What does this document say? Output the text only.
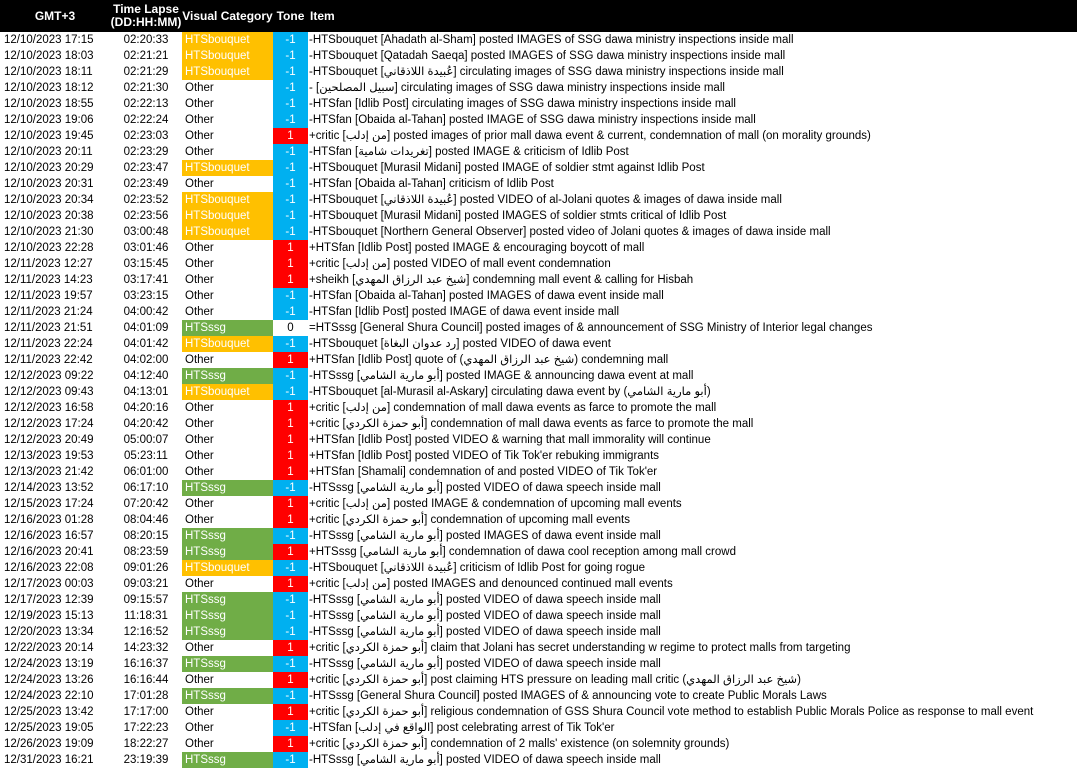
GMT+3	Time Lapse
(DD:HH:MM)	Visual Category	Tone	Item
12/10/2023 17:15	02:20:33	HTSbouquet	-1	-HTSbouquet [Ahadath al-Sham] posted IMAGES of SSG dawa ministry inspections inside mall
12/10/2023 18:03	02:21:21	HTSbouquet	-1	-HTSbouquet [Qatadah Saeqa] posted IMAGES of SSG dawa ministry inspections inside mall
12/10/2023 18:11	02:21:29	HTSbouquet	-1	-HTSbouquet [عُبيدة اللاذقاني] circulating images of SSG dawa ministry inspections inside mall
12/10/2023 18:12	02:21:30	Other	-1	- [سبيل المصلحين] circulating images of SSG dawa ministry inspections inside mall
12/10/2023 18:55	02:22:13	Other	-1	-HTSfan [Idlib Post] circulating images of SSG dawa ministry inspections inside mall
12/10/2023 19:06	02:22:24	Other	-1	-HTSfan [Obaida al-Tahan] posted IMAGE of SSG dawa ministry inspections inside mall
12/10/2023 19:45	02:23:03	Other	1	+critic [من إدلب] posted images of prior mall dawa event & current, condemnation of mall (on morality grounds)
12/10/2023 20:11	02:23:29	Other	-1	-HTSfan [تغريدات شامية] posted IMAGE & criticism of Idlib Post
12/10/2023 20:29	02:23:47	HTSbouquet	-1	-HTSbouquet [Murasil Midani] posted IMAGE of soldier stmt against Idlib Post
12/10/2023 20:31	02:23:49	Other	-1	-HTSfan [Obaida al-Tahan] criticism of Idlib Post
12/10/2023 20:34	02:23:52	HTSbouquet	-1	-HTSbouquet [عُبيدة اللاذقاني] posted VIDEO of al-Jolani quotes & images of dawa inside mall
12/10/2023 20:38	02:23:56	HTSbouquet	-1	-HTSbouquet [Murasil Midani] posted IMAGES of soldier stmts critical of Idlib Post
12/10/2023 21:30	03:00:48	HTSbouquet	-1	-HTSbouquet [Northern General Observer] posted video of Jolani quotes & images of dawa inside mall
12/10/2023 22:28	03:01:46	Other	1	+HTSfan [Idlib Post] posted IMAGE & encouraging boycott of mall
12/11/2023 12:27	03:15:45	Other	1	+critic [من إدلب] posted VIDEO of mall event condemnation
12/11/2023 14:23	03:17:41	Other	1	+sheikh [شيخ عبد الرزاق المهدي] condemning mall event & calling for Hisbah
12/11/2023 19:57	03:23:15	Other	-1	-HTSfan [Obaida al-Tahan] posted IMAGES of dawa event inside mall
12/11/2023 21:24	04:00:42	Other	-1	-HTSfan [Idlib Post] posted IMAGE of dawa event inside mall
12/11/2023 21:51	04:01:09	HTSssg	0	=HTSssg [General Shura Council] posted images of & announcement of SSG Ministry of Interior legal changes
12/11/2023 22:24	04:01:42	HTSbouquet	-1	-HTSbouquet [رد عدوان البغاة] posted VIDEO of dawa event
12/11/2023 22:42	04:02:00	Other	1	+HTSfan [Idlib Post] quote of (شيخ عبد الرزاق المهدي) condemning mall
12/12/2023 09:22	04:12:40	HTSssg	-1	-HTSssg [أبو مارية الشامي] posted IMAGE & announcing dawa event at mall
12/12/2023 09:43	04:13:01	HTSbouquet	-1	-HTSbouquet [al-Murasil al-Askary] circulating dawa event by (أبو مارية الشامي)
12/12/2023 16:58	04:20:16	Other	1	+critic [من إدلب] condemnation of mall dawa events as farce to promote the mall
12/12/2023 17:24	04:20:42	Other	1	+critic [أبو حمزة الكردي] condemnation of mall dawa events as farce to promote the mall
12/12/2023 20:49	05:00:07	Other	1	+HTSfan [Idlib Post] posted VIDEO & warning that mall immorality will continue
12/13/2023 19:53	05:23:11	Other	1	+HTSfan [Idlib Post] posted VIDEO of Tik Tok'er rebuking immigrants
12/13/2023 21:42	06:01:00	Other	1	+HTSfan [Shamali] condemnation of and posted VIDEO of Tik Tok'er
12/14/2023 13:52	06:17:10	HTSssg	-1	-HTSssg [أبو مارية الشامي] posted VIDEO of dawa speech inside mall
12/15/2023 17:24	07:20:42	Other	1	+critic [من إدلب] posted IMAGE & condemnation of upcoming mall events
12/16/2023 01:28	08:04:46	Other	1	+critic [أبو حمزة الكردي] condemnation of upcoming mall events
12/16/2023 16:57	08:20:15	HTSssg	-1	-HTSssg [أبو مارية الشامي] posted IMAGES of dawa event inside mall
12/16/2023 20:41	08:23:59	HTSssg	1	+HTSssg [أبو مارية الشامي] condemnation of dawa cool reception among mall crowd
12/16/2023 22:08	09:01:26	HTSbouquet	-1	-HTSbouquet [عُبيدة اللاذقاني] criticism of Idlib Post for going rogue
12/17/2023 00:03	09:03:21	Other	1	+critic [من إدلب] posted IMAGES and denounced continued mall events
12/17/2023 12:39	09:15:57	HTSssg	-1	-HTSssg [أبو مارية الشامي] posted VIDEO of dawa speech inside mall
12/19/2023 15:13	11:18:31	HTSssg	-1	-HTSssg [أبو مارية الشامي] posted VIDEO of dawa speech inside mall
12/20/2023 13:34	12:16:52	HTSssg	-1	-HTSssg [أبو مارية الشامي] posted VIDEO of dawa speech inside mall
12/22/2023 20:14	14:23:32	Other	1	+critic [أبو حمزة الكردي] claim that Jolani has secret understanding w regime to protect malls from targeting
12/24/2023 13:19	16:16:37	HTSssg	-1	-HTSssg [أبو مارية الشامي] posted VIDEO of dawa speech inside mall
12/24/2023 13:26	16:16:44	Other	1	+critic [أبو حمزة الكردي] post claiming HTS pressure on leading mall critic (شيخ عبد الرزاق المهدي)
12/24/2023 22:10	17:01:28	HTSssg	-1	-HTSssg [General Shura Council] posted IMAGES of & announcing vote to create Public Morals Laws
12/25/2023 13:42	17:17:00	Other	1	+critic [أبو حمزة الكردي] religious condemnation of GSS Shura Council vote method to establish Public Morals Police as response to mall event
12/25/2023 19:05	17:22:23	Other	-1	-HTSfan [الواقع في إدلب] post celebrating arrest of Tik Tok'er
12/26/2023 19:09	18:22:27	Other	1	+critic [أبو حمزة الكردي] condemnation of 2 malls' existence (on solemnity grounds)
12/31/2023 16:21	23:19:39	HTSssg	-1	-HTSssg [أبو مارية الشامي] posted VIDEO of dawa speech inside mall
